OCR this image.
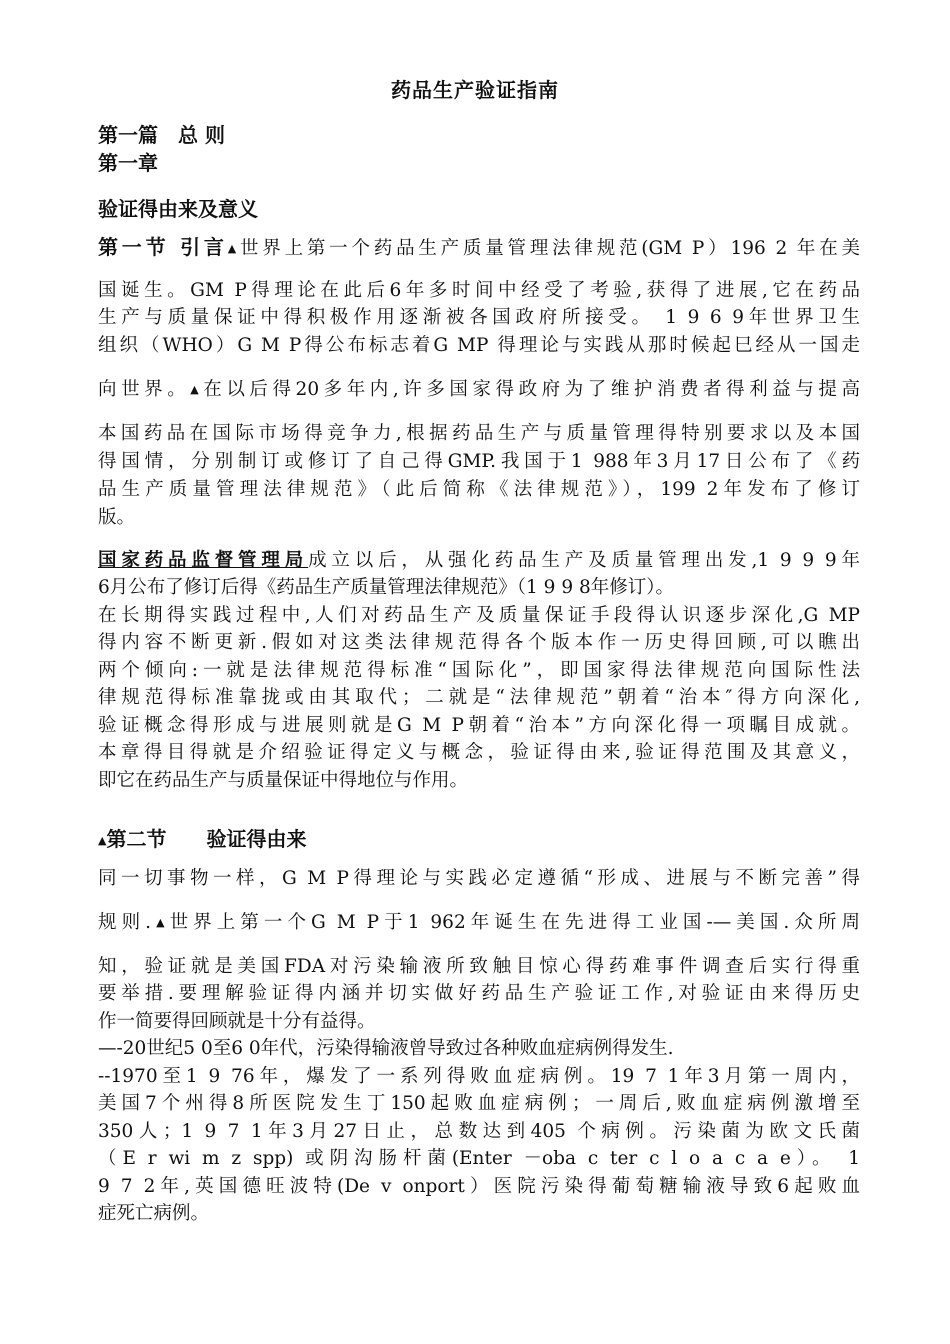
药品生产验证指南
第一篇　总 则
第一章
验证得由来及意义
第一节 引言▲世界上第一个药品生产质量管理法律规范(GM P）196 2 年在美
国诞生。GM P得理论在此后6年多时间中经受了考验,获得了进展,它在药品
生产与质量保证中得积极作用逐渐被各国政府所接受。 1 9 6 9年世界卫生
组织（WHO）G M P得公布标志着G MP 得理论与实践从那时候起巳经从一国走
向世界。▲在以后得20多年内,许多国家得政府为了维护消费者得利益与提高
本国药品在国际市场得竞争力,根据药品生产与质量管理得特别要求以及本国
得国情，分别制订或修订了自己得GMP.我国于1 988年3月17日公布了《药
品生产质量管理法律规范》（此后简称《法律规范》），199 2年发布了修订
版。
国家药品监督管理局成立以后，从强化药品生产及质量管理出发,1 9 9 9年
6月公布了修订后得《药品生产质量管理法律规范》（1 9 9 8年修订）。
在长期得实践过程中,人们对药品生产及质量保证手段得认识逐步深化,G MP
得内容不断更新.假如对这类法律规范得各个版本作一历史得回顾,可以瞧出
两个倾向:一就是法律规范得标准“国际化”，即国家得法律规范向国际性法
律规范得标准靠拢或由其取代；二就是“法律规范”朝着“治本″得方向深化,
验证概念得形成与进展则就是G M P朝着“治本”方向深化得一项瞩目成就。
本章得目得就是介绍验证得定义与概念，验证得由来,验证得范围及其意义，
即它在药品生产与质量保证中得地位与作用。
▲第二节　　验证得由来
同一切事物一样，G M P得理论与实践必定遵循“形成、进展与不断完善”得
规则.▲世界上第一个G M P于1 962年诞生在先进得工业国-—美国.众所周
知，验证就是美国FDA对污染输液所致触目惊心得药难事件调查后实行得重
要举措.要理解验证得内涵并切实做好药品生产验证工作,对验证由来得历史
作一简要得回顾就是十分有益得。
—-20世纪5 0至6 0年代，污染得输液曾导致过各种败血症病例得发生.
--1970至1 9 76年，爆发了一系列得败血症病例。19 7 1年3月第一周内，
美国7个州得8所医院发生丁150起败血症病例；一周后,败血症病例激增至
350人；1 9 7 1年3月27日止，总数达到405 个病例。污染菌为欧文氏菌
（E r wi m z spp) 或阴沟肠杆菌(Enter －oba c ter c l o a c a e）。 1
9 7 2年,英国德旺波特(De v onport）医院污染得葡萄糖输液导致6起败血
症死亡病例。
